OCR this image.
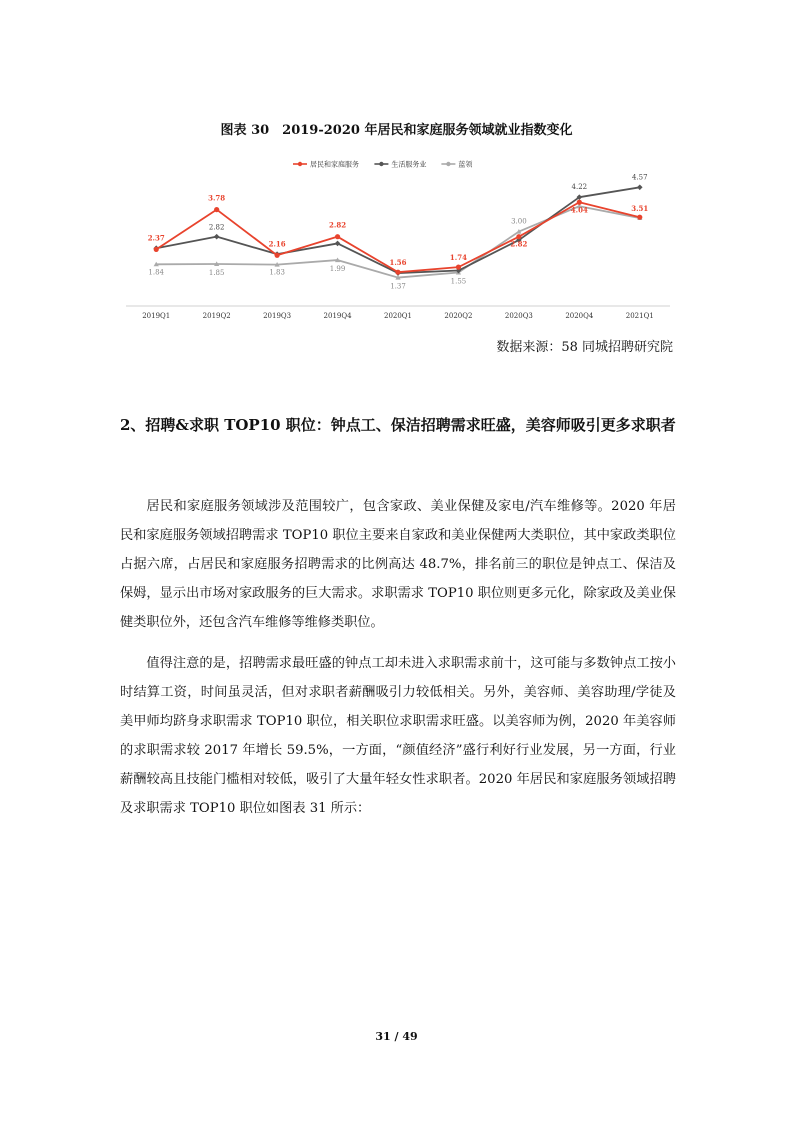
图表 30　2019-2020 年居民和家庭服务领域就业指数变化
2019Q1	2019Q2	2019Q3	2019Q4	2020Q1	2020Q2	2020Q3	2020Q4	2021Q1
居民和家庭服务	生活服务业	蓝领
2.37
3.78
2.16
2.82
1.56
1.74
2.82
4.04	3.51
2.82
4.22
4.57
1.84	1.85	1.83	1.99
1.37
1.55
3.00
数据来源：58 同城招聘研究院
2、招聘&求职 TOP10 职位：钟点工、保洁招聘需求旺盛，美容师吸引更多求职者

居民和家庭服务领域涉及范围较广，包含家政、美业保健及家电/汽车维修等。2020 年居民和家庭服务领域招聘需求 TOP10 职位主要来自家政和美业保健两大类职位，其中家政类职位占据六席，占居民和家庭服务招聘需求的比例高达 48.7%，排名前三的职位是钟点工、保洁及保姆，显示出市场对家政服务的巨大需求。求职需求 TOP10 职位则更多元化，除家政及美业保健类职位外，还包含汽车维修等维修类职位。

值得注意的是，招聘需求最旺盛的钟点工却未进入求职需求前十，这可能与多数钟点工按小时结算工资，时间虽灵活，但对求职者薪酬吸引力较低相关。另外，美容师、美容助理/学徒及美甲师均跻身求职需求 TOP10 职位，相关职位求职需求旺盛。以美容师为例，2020 年美容师的求职需求较 2017 年增长 59.5%，一方面，“颜值经济”盛行利好行业发展，另一方面，行业薪酬较高且技能门槛相对较低，吸引了大量年轻女性求职者。2020 年居民和家庭服务领域招聘及求职需求 TOP10 职位如图表 31 所示：

31 / 49
